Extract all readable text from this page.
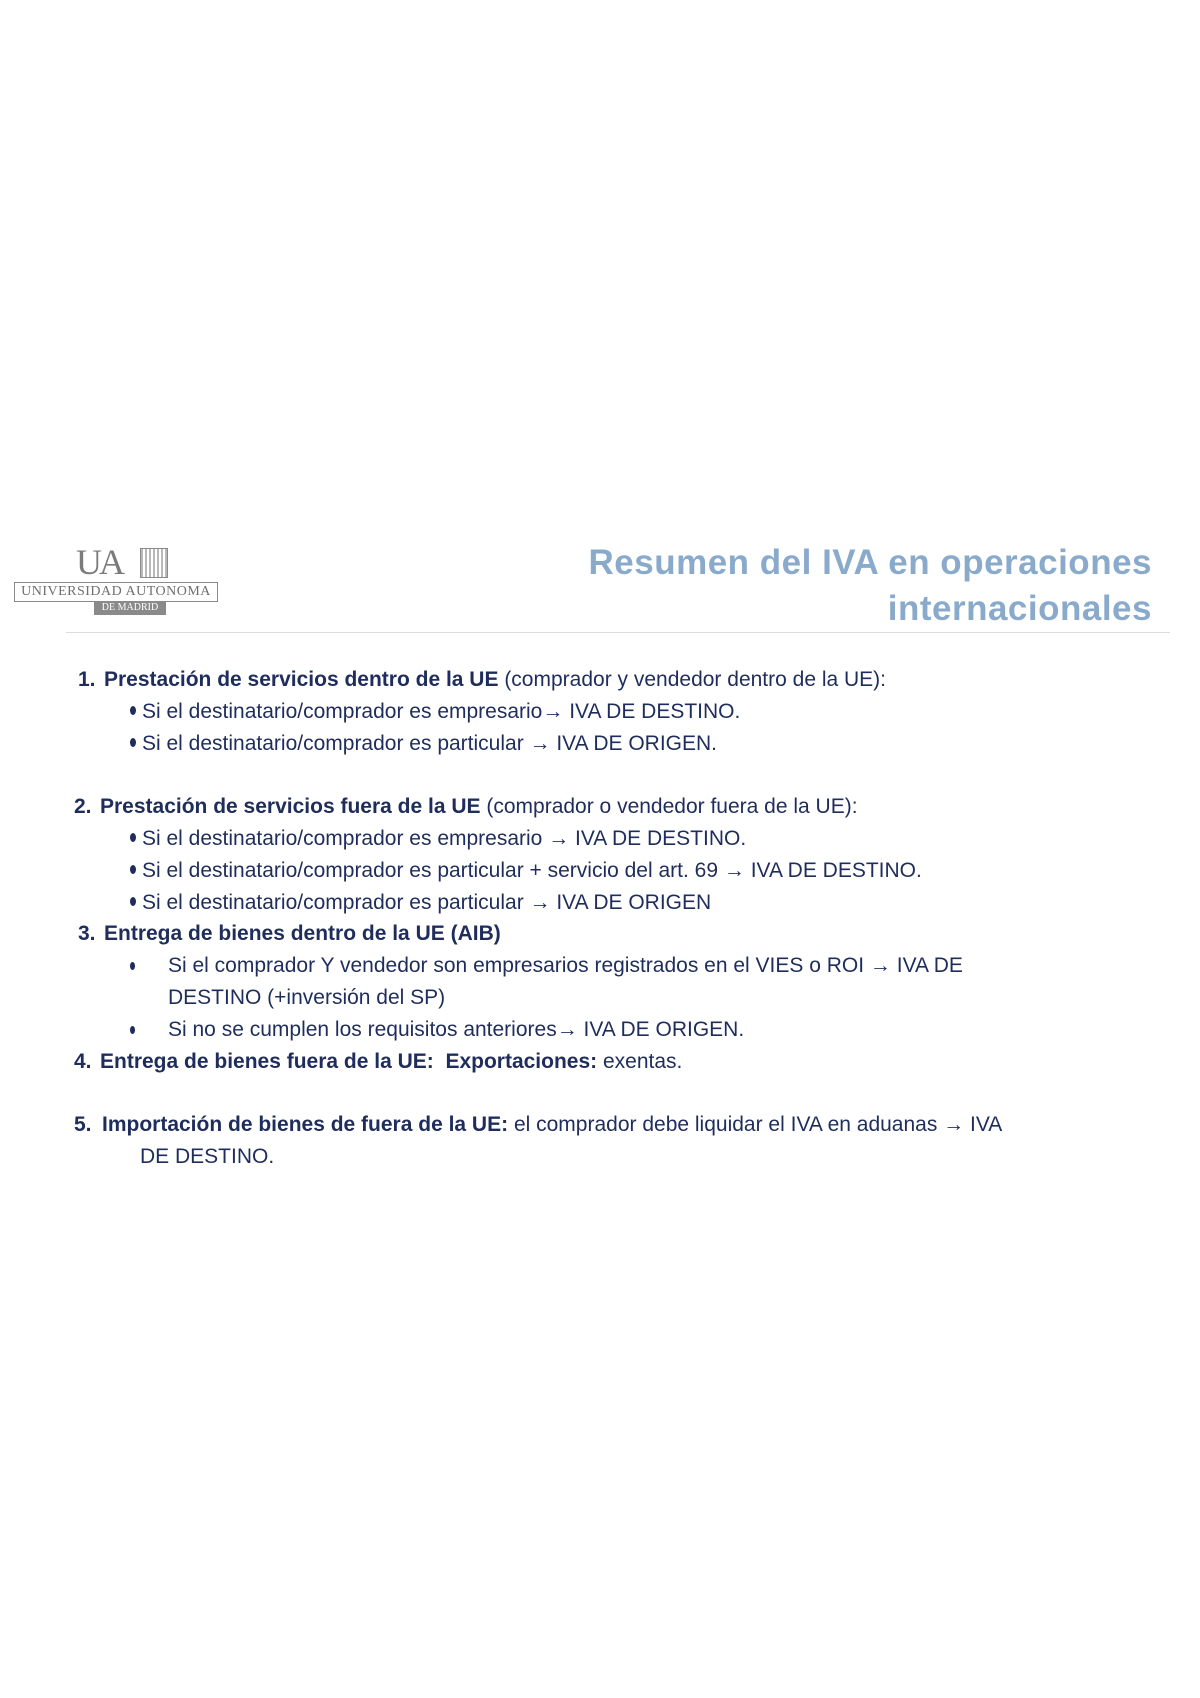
UA
UNIVERSIDAD AUTONOMA
DE MADRID
Resumen del IVA en operaciones
internacionales
1. Prestación de servicios dentro de la UE (comprador y vendedor dentro de la UE):
Si el destinatario/comprador es empresario→ IVA DE DESTINO.
Si el destinatario/comprador es particular → IVA DE ORIGEN.
2. Prestación de servicios fuera de la UE (comprador o vendedor fuera de la UE):
Si el destinatario/comprador es empresario → IVA DE DESTINO.
Si el destinatario/comprador es particular + servicio del art. 69 → IVA DE DESTINO.
Si el destinatario/comprador es particular → IVA DE ORIGEN
3. Entrega de bienes dentro de la UE (AIB)
Si el comprador Y vendedor son empresarios registrados en el VIES o ROI → IVA DE
DESTINO (+inversión del SP)
Si no se cumplen los requisitos anteriores→ IVA DE ORIGEN.
4. Entrega de bienes fuera de la UE: Exportaciones: exentas.
5. Importación de bienes de fuera de la UE: el comprador debe liquidar el IVA en aduanas → IVA
DE DESTINO.
